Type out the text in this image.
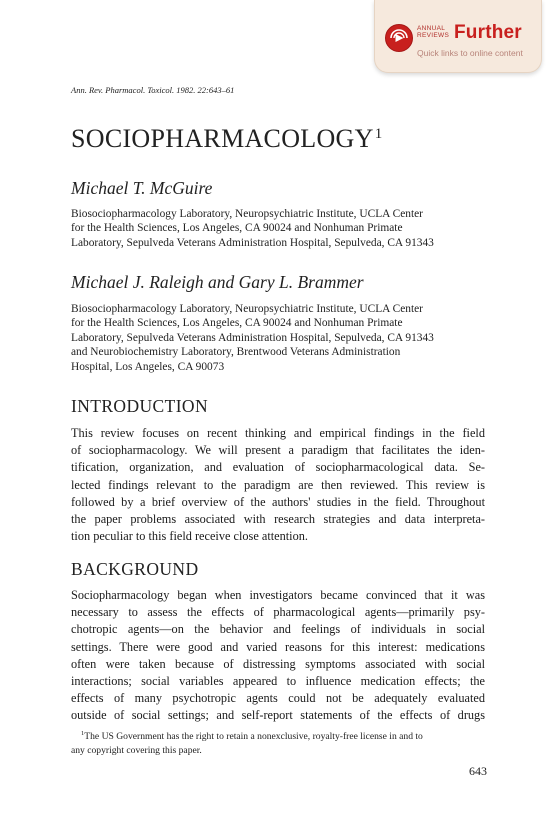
ANNUAL
REVIEWS Further
Quick links to online content
Ann. Rev. Pharmacol. Toxicol. 1982. 22:643–61
SOCIOPHARMACOLOGY$^1$
Michael T. McGuire
Biosociopharmacology Laboratory, Neuropsychiatric Institute, UCLA Center
for the Health Sciences, Los Angeles, CA 90024 and Nonhuman Primate
Laboratory, Sepulveda Veterans Administration Hospital, Sepulveda, CA 91343
Michael J. Raleigh and Gary L. Brammer
Biosociopharmacology Laboratory, Neuropsychiatric Institute, UCLA Center
for the Health Sciences, Los Angeles, CA 90024 and Nonhuman Primate
Laboratory, Sepulveda Veterans Administration Hospital, Sepulveda, CA 91343
and Neurobiochemistry Laboratory, Brentwood Veterans Administration
Hospital, Los Angeles, CA 90073
INTRODUCTION
This review focuses on recent thinking and empirical findings in the field
of sociopharmacology. We will present a paradigm that facilitates the iden-
tification, organization, and evaluation of sociopharmacological data. Se-
lected findings relevant to the paradigm are then reviewed. This review is
followed by a brief overview of the authors' studies in the field. Throughout
the paper problems associated with research strategies and data interpreta-
tion peculiar to this field receive close attention.
BACKGROUND
Sociopharmacology began when investigators became convinced that it was
necessary to assess the effects of pharmacological agents—primarily psy-
chotropic agents—on the behavior and feelings of individuals in social
settings. There were good and varied reasons for this interest: medications
often were taken because of distressing symptoms associated with social
interactions; social variables appeared to influence medication effects; the
effects of many psychotropic agents could not be adequately evaluated
outside of social settings; and self-report statements of the effects of drugs
$^1$The US Government has the right to retain a nonexclusive, royalty-free license in and to
any copyright covering this paper.
643
